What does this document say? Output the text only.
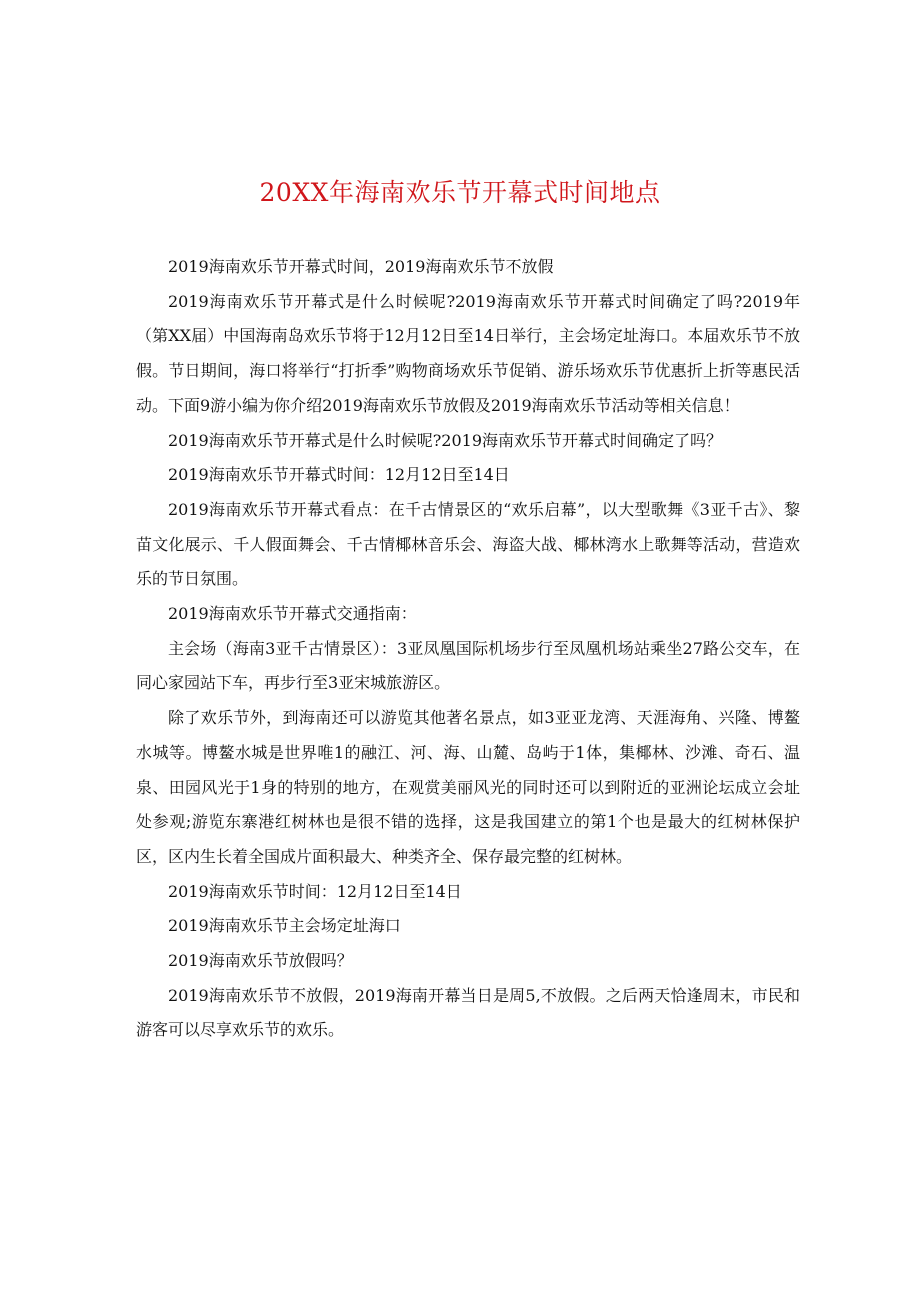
20XX年海南欢乐节开幕式时间地点

2019海南欢乐节开幕式时间，2019海南欢乐节不放假

2019海南欢乐节开幕式是什么时候呢?2019海南欢乐节开幕式时间确定了吗?2019年（第XX届）中国海南岛欢乐节将于12月12日至14日举行，主会场定址海口。本届欢乐节不放假。节日期间，海口将举行“打折季”购物商场欢乐节促销、游乐场欢乐节优惠折上折等惠民活动。下面9游小编为你介绍2019海南欢乐节放假及2019海南欢乐节活动等相关信息！

2019海南欢乐节开幕式是什么时候呢?2019海南欢乐节开幕式时间确定了吗？

2019海南欢乐节开幕式时间：12月12日至14日

2019海南欢乐节开幕式看点：在千古情景区的“欢乐启幕”，以大型歌舞《3亚千古》、黎苗文化展示、千人假面舞会、千古情椰林音乐会、海盗大战、椰林湾水上歌舞等活动，营造欢乐的节日氛围。

2019海南欢乐节开幕式交通指南：

主会场（海南3亚千古情景区）：3亚凤凰国际机场步行至凤凰机场站乘坐27路公交车，在同心家园站下车，再步行至3亚宋城旅游区。

除了欢乐节外，到海南还可以游览其他著名景点，如3亚亚龙湾、天涯海角、兴隆、博鳌水城等。博鳌水城是世界唯1的融江、河、海、山麓、岛屿于1体，集椰林、沙滩、奇石、温泉、田园风光于1身的特别的地方，在观赏美丽风光的同时还可以到附近的亚洲论坛成立会址处参观;游览东寨港红树林也是很不错的选择，这是我国建立的第1个也是最大的红树林保护区，区内生长着全国成片面积最大、种类齐全、保存最完整的红树林。

2019海南欢乐节时间：12月12日至14日

2019海南欢乐节主会场定址海口

2019海南欢乐节放假吗？

2019海南欢乐节不放假，2019海南开幕当日是周5,不放假。之后两天恰逢周末，市民和游客可以尽享欢乐节的欢乐。
